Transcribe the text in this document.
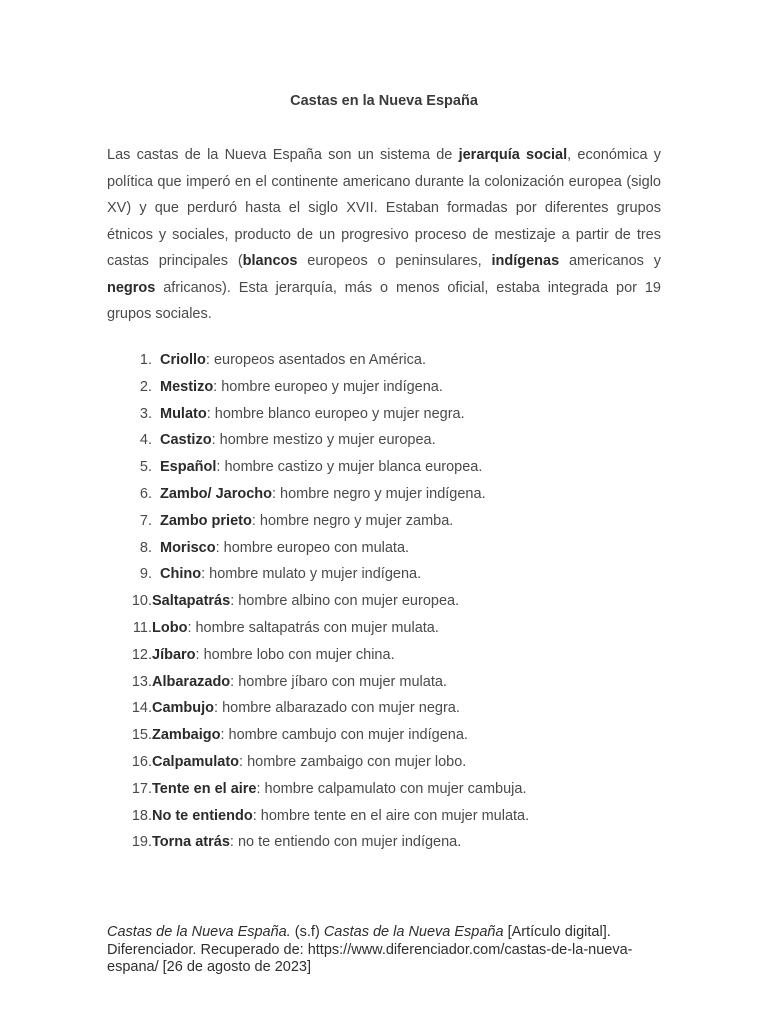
Castas en la Nueva España

Las castas de la Nueva España son un sistema de jerarquía social, económica y política que imperó en el continente americano durante la colonización europea (siglo XV) y que perduró hasta el siglo XVII. Estaban formadas por diferentes grupos étnicos y sociales, producto de un progresivo proceso de mestizaje a partir de tres castas principales (blancos europeos o peninsulares, indígenas americanos y negros africanos). Esta jerarquía, más o menos oficial, estaba integrada por 19 grupos sociales.

1. Criollo: europeos asentados en América.
2. Mestizo: hombre europeo y mujer indígena.
3. Mulato: hombre blanco europeo y mujer negra.
4. Castizo: hombre mestizo y mujer europea.
5. Español: hombre castizo y mujer blanca europea.
6. Zambo/ Jarocho: hombre negro y mujer indígena.
7. Zambo prieto: hombre negro y mujer zamba.
8. Morisco: hombre europeo con mulata.
9. Chino: hombre mulato y mujer indígena.
10. Saltapatrás: hombre albino con mujer europea.
11. Lobo: hombre saltapatrás con mujer mulata.
12. Jíbaro: hombre lobo con mujer china.
13. Albarazado: hombre jíbaro con mujer mulata.
14. Cambujo: hombre albarazado con mujer negra.
15. Zambaigo: hombre cambujo con mujer indígena.
16. Calpamulato: hombre zambaigo con mujer lobo.
17. Tente en el aire: hombre calpamulato con mujer cambuja.
18. No te entiendo: hombre tente en el aire con mujer mulata.
19. Torna atrás: no te entiendo con mujer indígena.

Castas de la Nueva España. (s.f) Castas de la Nueva España [Artículo digital]. Diferenciador. Recuperado de: https://www.diferenciador.com/castas-de-la-nueva-espana/ [26 de agosto de 2023]
